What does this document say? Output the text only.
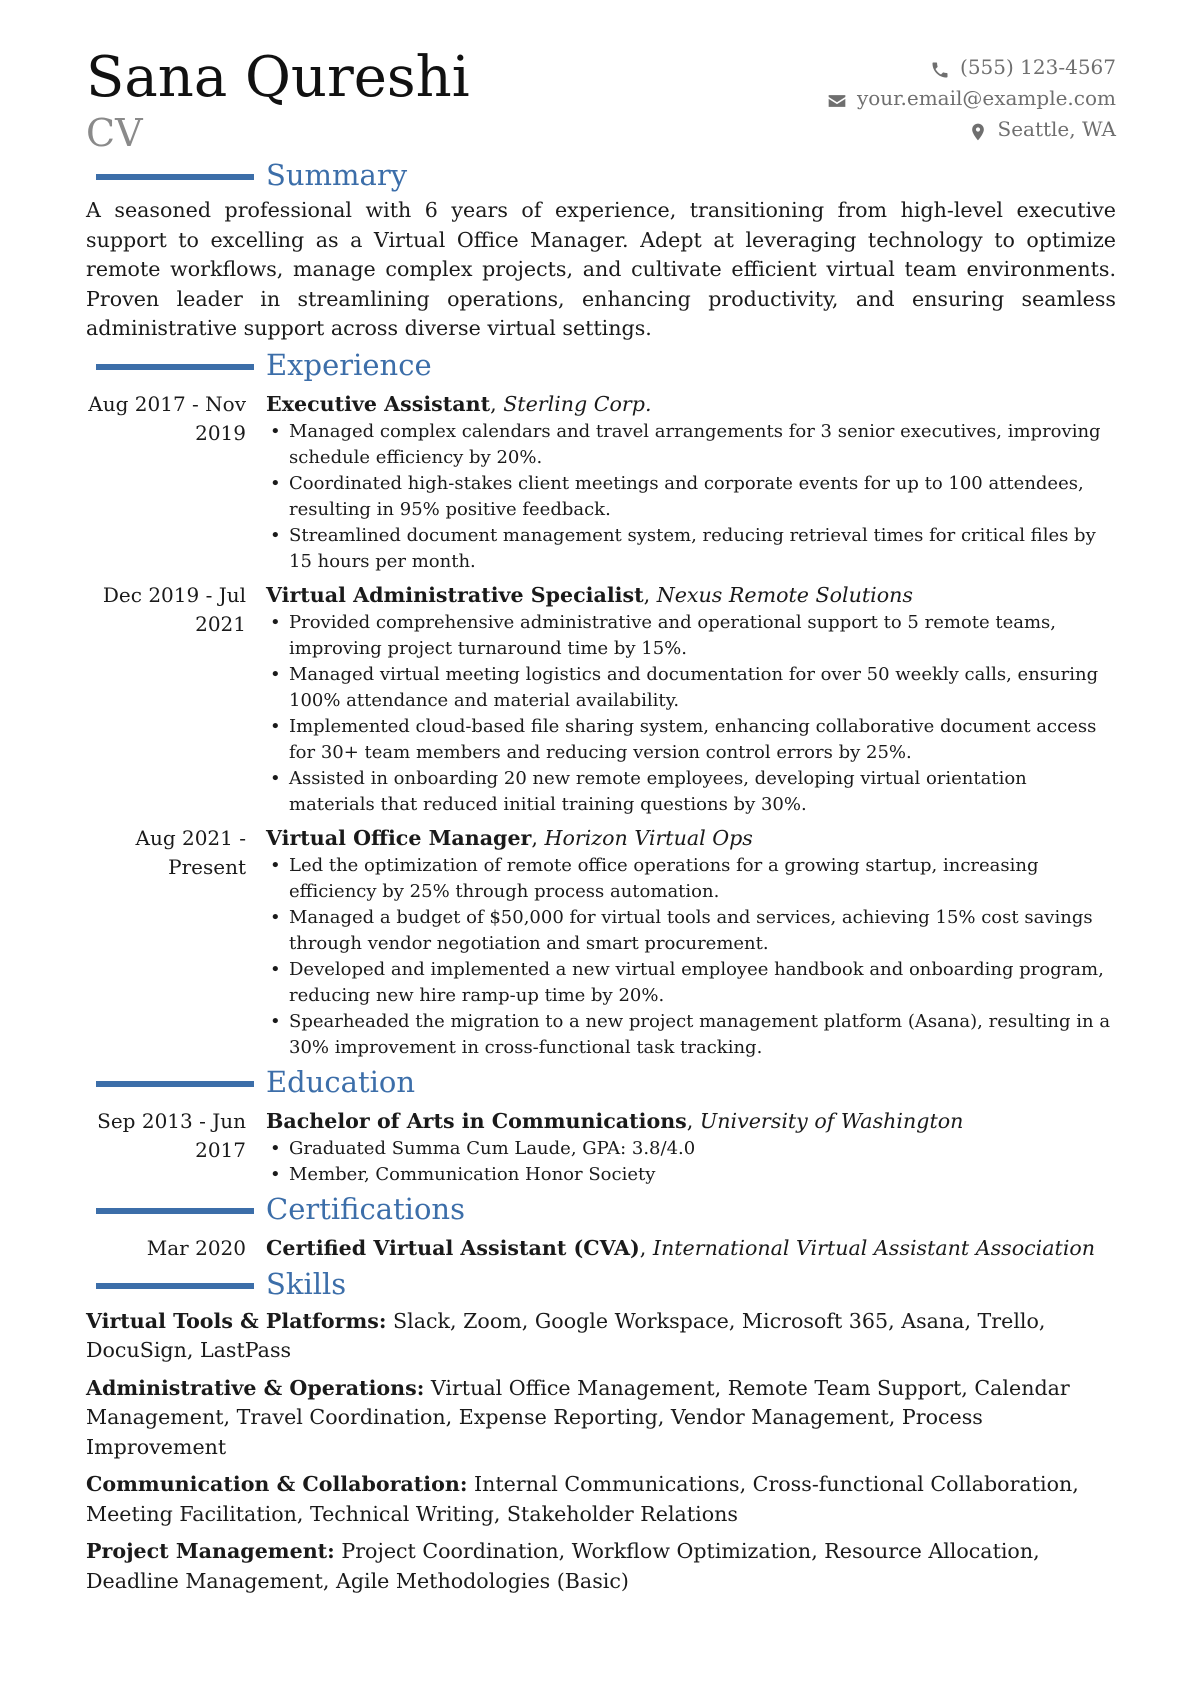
Sana Qureshi
CV
(555) 123-4567
your.email@example.com
Seattle, WA
Summary

A seasoned professional with 6 years of experience, transitioning from high-level executive support to excelling as a Virtual Office Manager. Adept at leveraging technology to optimize remote workflows, manage complex projects, and cultivate efficient virtual team environments. Proven leader in streamlining operations, enhancing productivity, and ensuring seamless administrative support across diverse virtual settings.

Experience
Aug 2017 - Nov 2019
Executive Assistant, Sterling Corp.
• Managed complex calendars and travel arrangements for 3 senior executives, improving schedule efficiency by 20%.
• Coordinated high-stakes client meetings and corporate events for up to 100 attendees, resulting in 95% positive feedback.
• Streamlined document management system, reducing retrieval times for critical files by 15 hours per month.
Dec 2019 - Jul 2021
Virtual Administrative Specialist, Nexus Remote Solutions
• Provided comprehensive administrative and operational support to 5 remote teams, improving project turnaround time by 15%.
• Managed virtual meeting logistics and documentation for over 50 weekly calls, ensuring 100% attendance and material availability.
• Implemented cloud-based file sharing system, enhancing collaborative document access for 30+ team members and reducing version control errors by 25%.
• Assisted in onboarding 20 new remote employees, developing virtual orientation materials that reduced initial training questions by 30%.
Aug 2021 - Present
Virtual Office Manager, Horizon Virtual Ops
• Led the optimization of remote office operations for a growing startup, increasing efficiency by 25% through process automation.
• Managed a budget of $50,000 for virtual tools and services, achieving 15% cost savings through vendor negotiation and smart procurement.
• Developed and implemented a new virtual employee handbook and onboarding program, reducing new hire ramp-up time by 20%.
• Spearheaded the migration to a new project management platform (Asana), resulting in a 30% improvement in cross-functional task tracking.
Education
Sep 2013 - Jun 2017
Bachelor of Arts in Communications, University of Washington
• Graduated Summa Cum Laude, GPA: 3.8/4.0
• Member, Communication Honor Society
Certifications
Mar 2020 Certified Virtual Assistant (CVA), International Virtual Assistant Association
Skills
Virtual Tools & Platforms: Slack, Zoom, Google Workspace, Microsoft 365, Asana, Trello, DocuSign, LastPass
Administrative & Operations: Virtual Office Management, Remote Team Support, Calendar Management, Travel Coordination, Expense Reporting, Vendor Management, Process Improvement
Communication & Collaboration: Internal Communications, Cross-functional Collaboration, Meeting Facilitation, Technical Writing, Stakeholder Relations
Project Management: Project Coordination, Workflow Optimization, Resource Allocation, Deadline Management, Agile Methodologies (Basic)
